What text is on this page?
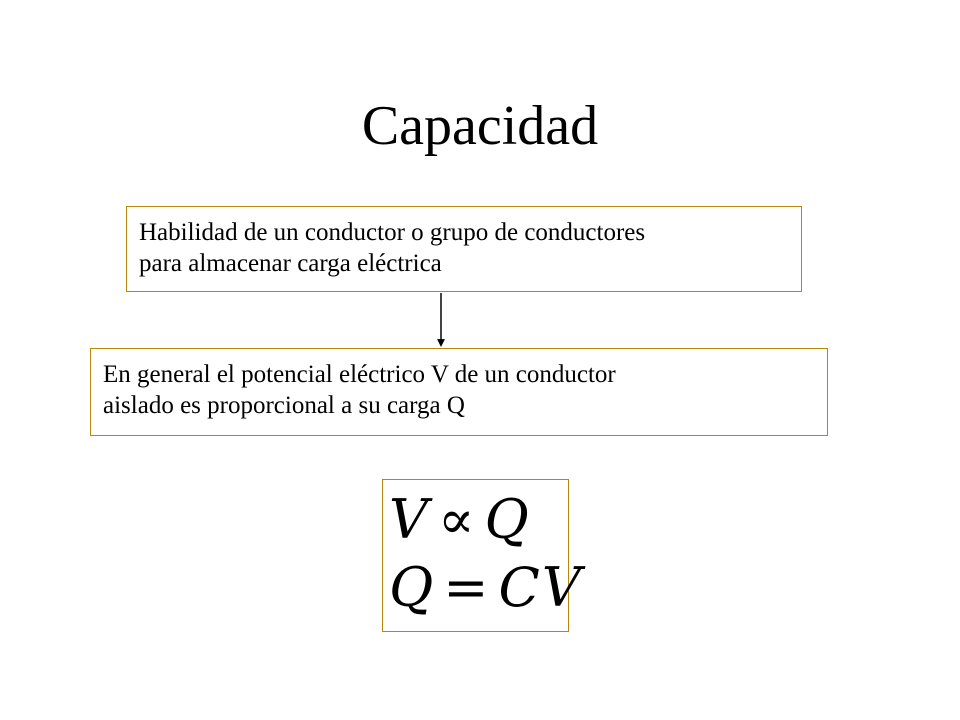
Capacidad
Habilidad de un conductor o grupo de conductores
para almacenar carga eléctrica
En general el potencial eléctrico V de un conductor
aislado es proporcional a su carga Q
V ∝ Q
Q = CV
